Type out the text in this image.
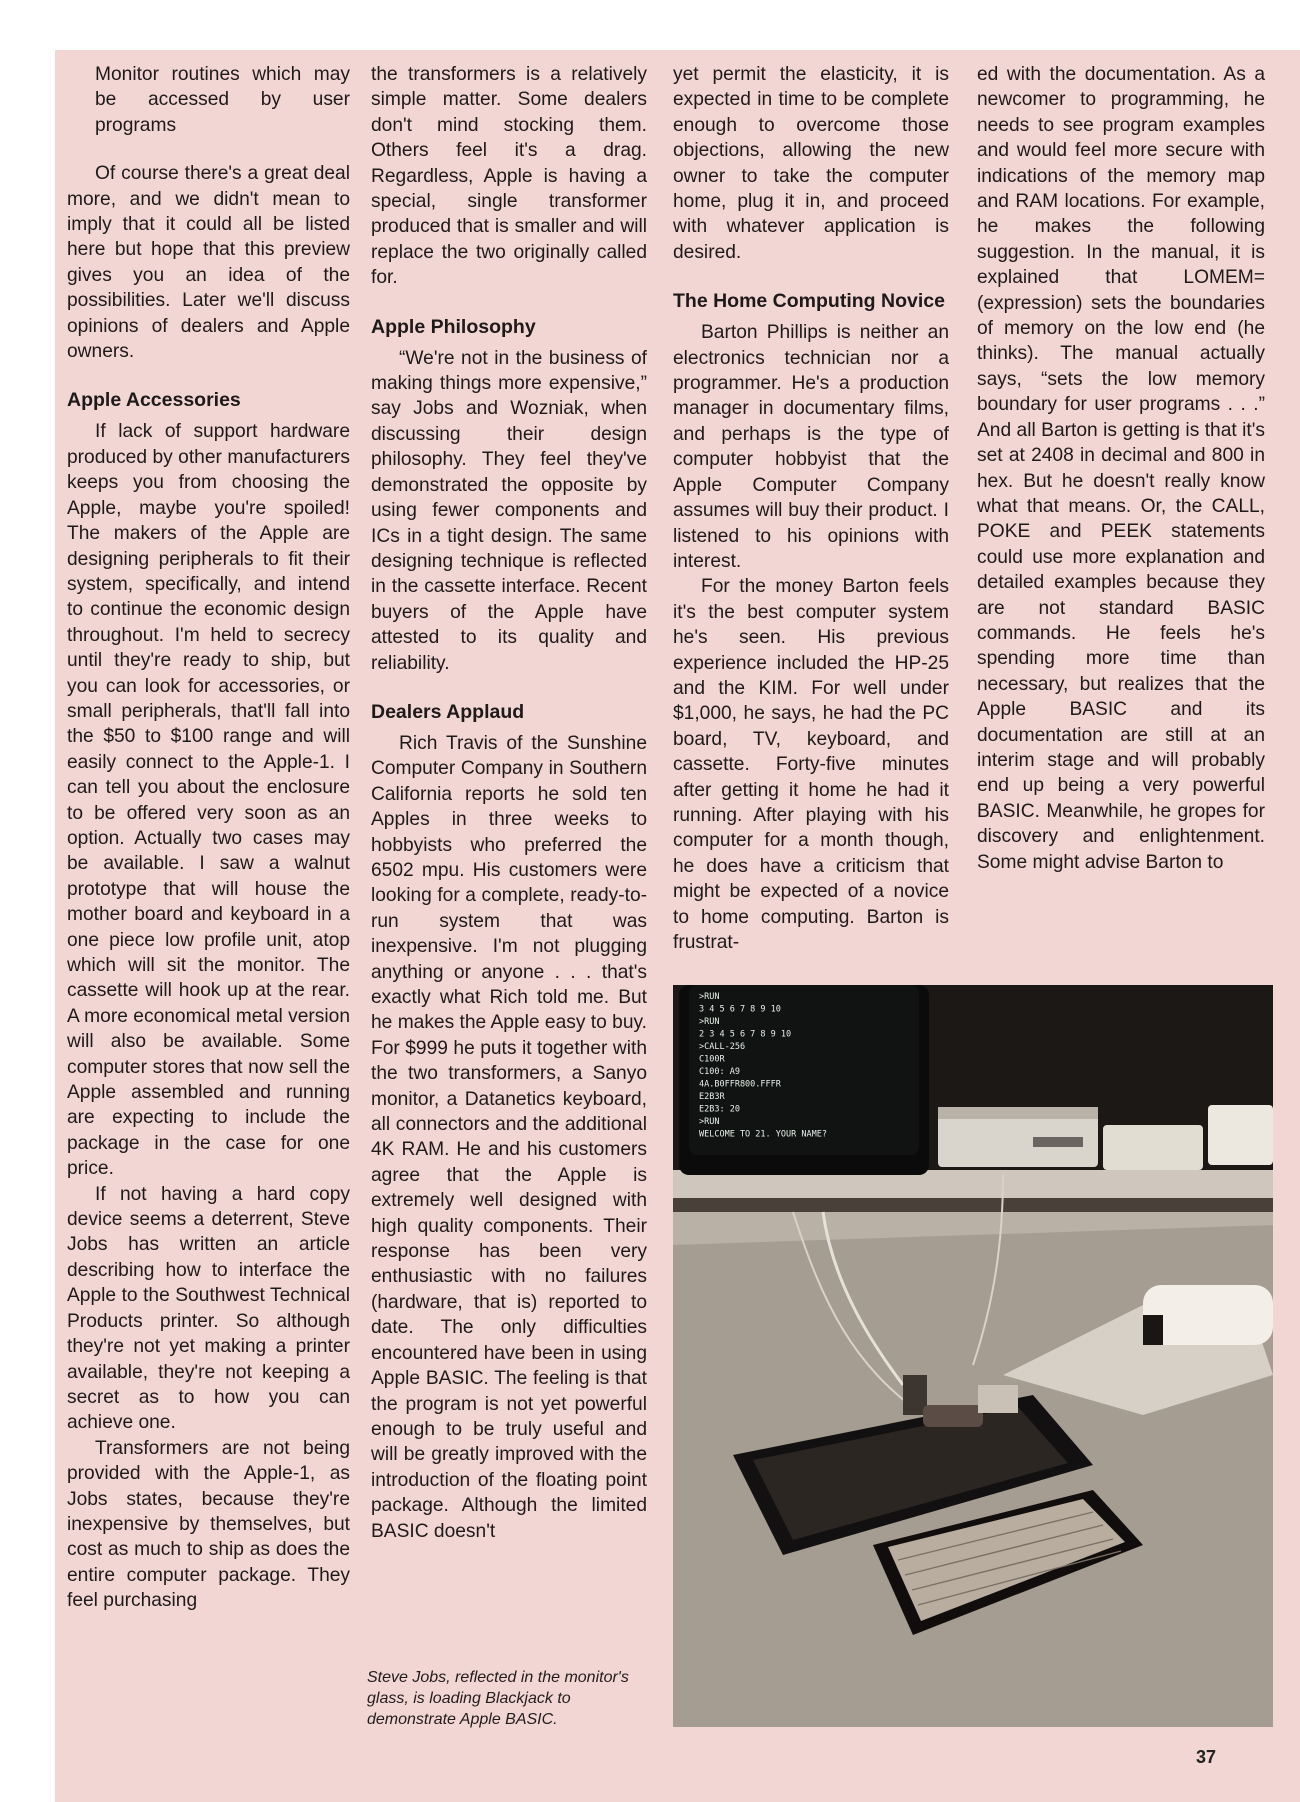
Monitor routines which may be accessed by user programs

Of course there's a great deal more, and we didn't mean to imply that it could all be listed here but hope that this preview gives you an idea of the possibilities. Later we'll discuss opinions of dealers and Apple owners.

Apple Accessories

If lack of support hardware produced by other manufacturers keeps you from choosing the Apple, maybe you're spoiled! The makers of the Apple are designing peripherals to fit their system, specifically, and intend to continue the economic design throughout. I'm held to secrecy until they're ready to ship, but you can look for accessories, or small peripherals, that'll fall into the $50 to $100 range and will easily connect to the Apple-1. I can tell you about the enclosure to be offered very soon as an option. Actually two cases may be available. I saw a walnut prototype that will house the mother board and keyboard in a one piece low profile unit, atop which will sit the monitor. The cassette will hook up at the rear. A more economical metal version will also be available. Some computer stores that now sell the Apple assembled and running are expecting to include the package in the case for one price.

If not having a hard copy device seems a deterrent, Steve Jobs has written an article describing how to interface the Apple to the Southwest Technical Products printer. So although they're not yet making a printer available, they're not keeping a secret as to how you can achieve one.

Transformers are not being provided with the Apple-1, as Jobs states, because they're inexpensive by themselves, but cost as much to ship as does the entire computer package. They feel purchasing

the transformers is a relatively simple matter. Some dealers don't mind stocking them. Others feel it's a drag. Regardless, Apple is having a special, single transformer produced that is smaller and will replace the two originally called for.

Apple Philosophy

“We're not in the business of making things more expensive,” say Jobs and Wozniak, when discussing their design philosophy. They feel they've demonstrated the opposite by using fewer components and ICs in a tight design. The same designing technique is reflected in the cassette interface. Recent buyers of the Apple have attested to its quality and reliability.

Dealers Applaud

Rich Travis of the Sunshine Computer Company in Southern California reports he sold ten Apples in three weeks to hobbyists who preferred the 6502 mpu. His customers were looking for a complete, ready-to-run system that was inexpensive. I'm not plugging anything or anyone . . . that's exactly what Rich told me. But he makes the Apple easy to buy. For $999 he puts it together with the two transformers, a Sanyo monitor, a Datanetics keyboard, all connectors and the additional 4K RAM. He and his customers agree that the Apple is extremely well designed with high quality components. Their response has been very enthusiastic with no failures (hardware, that is) reported to date. The only difficulties encountered have been in using Apple BASIC. The feeling is that the program is not yet powerful enough to be truly useful and will be greatly improved with the introduction of the floating point package. Although the limited BASIC doesn't

yet permit the elasticity, it is expected in time to be complete enough to overcome those objections, allowing the new owner to take the computer home, plug it in, and proceed with whatever application is desired.

The Home Computing Novice

Barton Phillips is neither an electronics technician nor a programmer. He's a production manager in documentary films, and perhaps is the type of computer hobbyist that the Apple Computer Company assumes will buy their product. I listened to his opinions with interest.

For the money Barton feels it's the best computer system he's seen. His previous experience included the HP-25 and the KIM. For well under $1,000, he says, he had the PC board, TV, keyboard, and cassette. Forty-five minutes after getting it home he had it running. After playing with his computer for a month though, he does have a criticism that might be expected of a novice to home computing. Barton is frustrat-

ed with the documentation. As a newcomer to programming, he needs to see program examples and would feel more secure with indications of the memory map and RAM locations. For example, he makes the following suggestion. In the manual, it is explained that LOMEM= (expression) sets the boundaries of memory on the low end (he thinks). The manual actually says, “sets the low memory boundary for user programs . . .” And all Barton is getting is that it's set at 2408 in decimal and 800 in hex. But he doesn't really know what that means. Or, the CALL, POKE and PEEK statements could use more explanation and detailed examples because they are not standard BASIC commands. He feels he's spending more time than necessary, but realizes that the Apple BASIC and its documentation are still at an interim stage and will probably end up being a very powerful BASIC. Meanwhile, he gropes for discovery and enlightenment. Some might advise Barton to

>RUN
3 4 5 6 7 8 9 10
>RUN
2 3 4 5 6 7 8 9 10
>CALL-256
C100R
C100: A9
4A.B0FFR800.FFFR
E2B3R
E2B3: 20
>RUN
WELCOME TO 21. YOUR NAME?
Steve Jobs, reflected in the monitor's glass, is loading Blackjack to demonstrate Apple BASIC.
37
